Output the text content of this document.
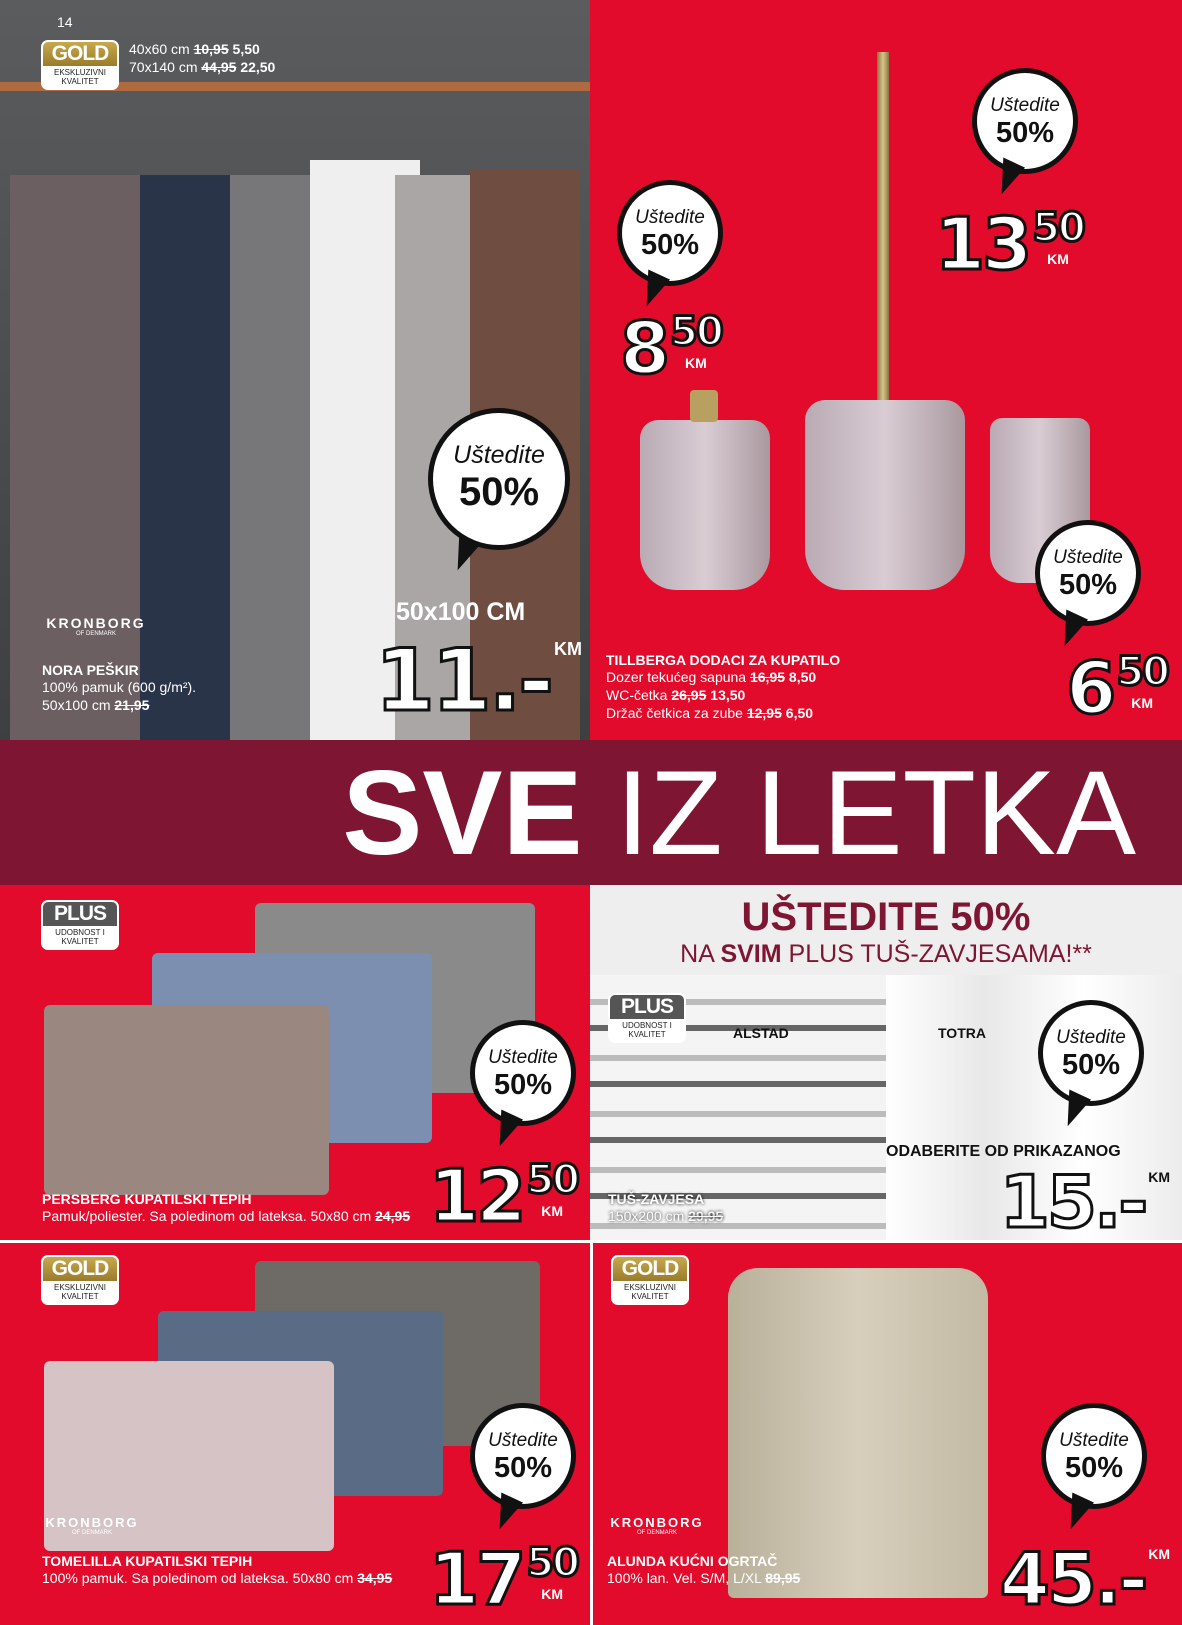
14
GOLD
EKSKLUZIVNI KVALITET
40x60 cm 10,95 5,50
70x140 cm 44,95 22,50
KRONBORG
OF DENMARK
NORA PEŠKIR
100% pamuk (600 g/m²).
50x100 cm 21,95
Uštedite
50%
50x100 CM
11.- KM
Uštedite
50%
Uštedite
50%
Uštedite
50%
13 50
KM
8 50
KM
6 50
KM
TILLBERGA DODACI ZA KUPATILO
Dozer tekućeg sapuna 16,95 8,50
WC-četka 26,95 13,50
Držač četkica za zube 12,95 6,50
SVE IZ LETKA
PLUS
UDOBNOST I KVALITET
Uštedite
50%
12 50
KM
PERSBERG KUPATILSKI TEPIH
Pamuk/poliester. Sa poledinom od lateksa. 50x80 cm 24,95
UŠTEDITE 50%
NA SVIM PLUS TUŠ-ZAVJESAMA!**
PLUS
UDOBNOST I KVALITET	ALSTAD	TOTRA	Uštedite
50%
ODABERITE OD PRIKAZANOG
15.- KM
TUŠ-ZAVJESA
150x200 cm 29,95
GOLD
EKSKLUZIVNI KVALITET
KRONBORG
OF DENMARK
Uštedite
50%
17 50
KM
TOMELILLA KUPATILSKI TEPIH
100% pamuk. Sa poledinom od lateksa. 50x80 cm 34,95
GOLD
EKSKLUZIVNI KVALITET
KRONBORG
OF DENMARK
Uštedite
50%
45.- KM
ALUNDA KUĆNI OGRTAČ
100% lan. Vel. S/M, L/XL 89,95
